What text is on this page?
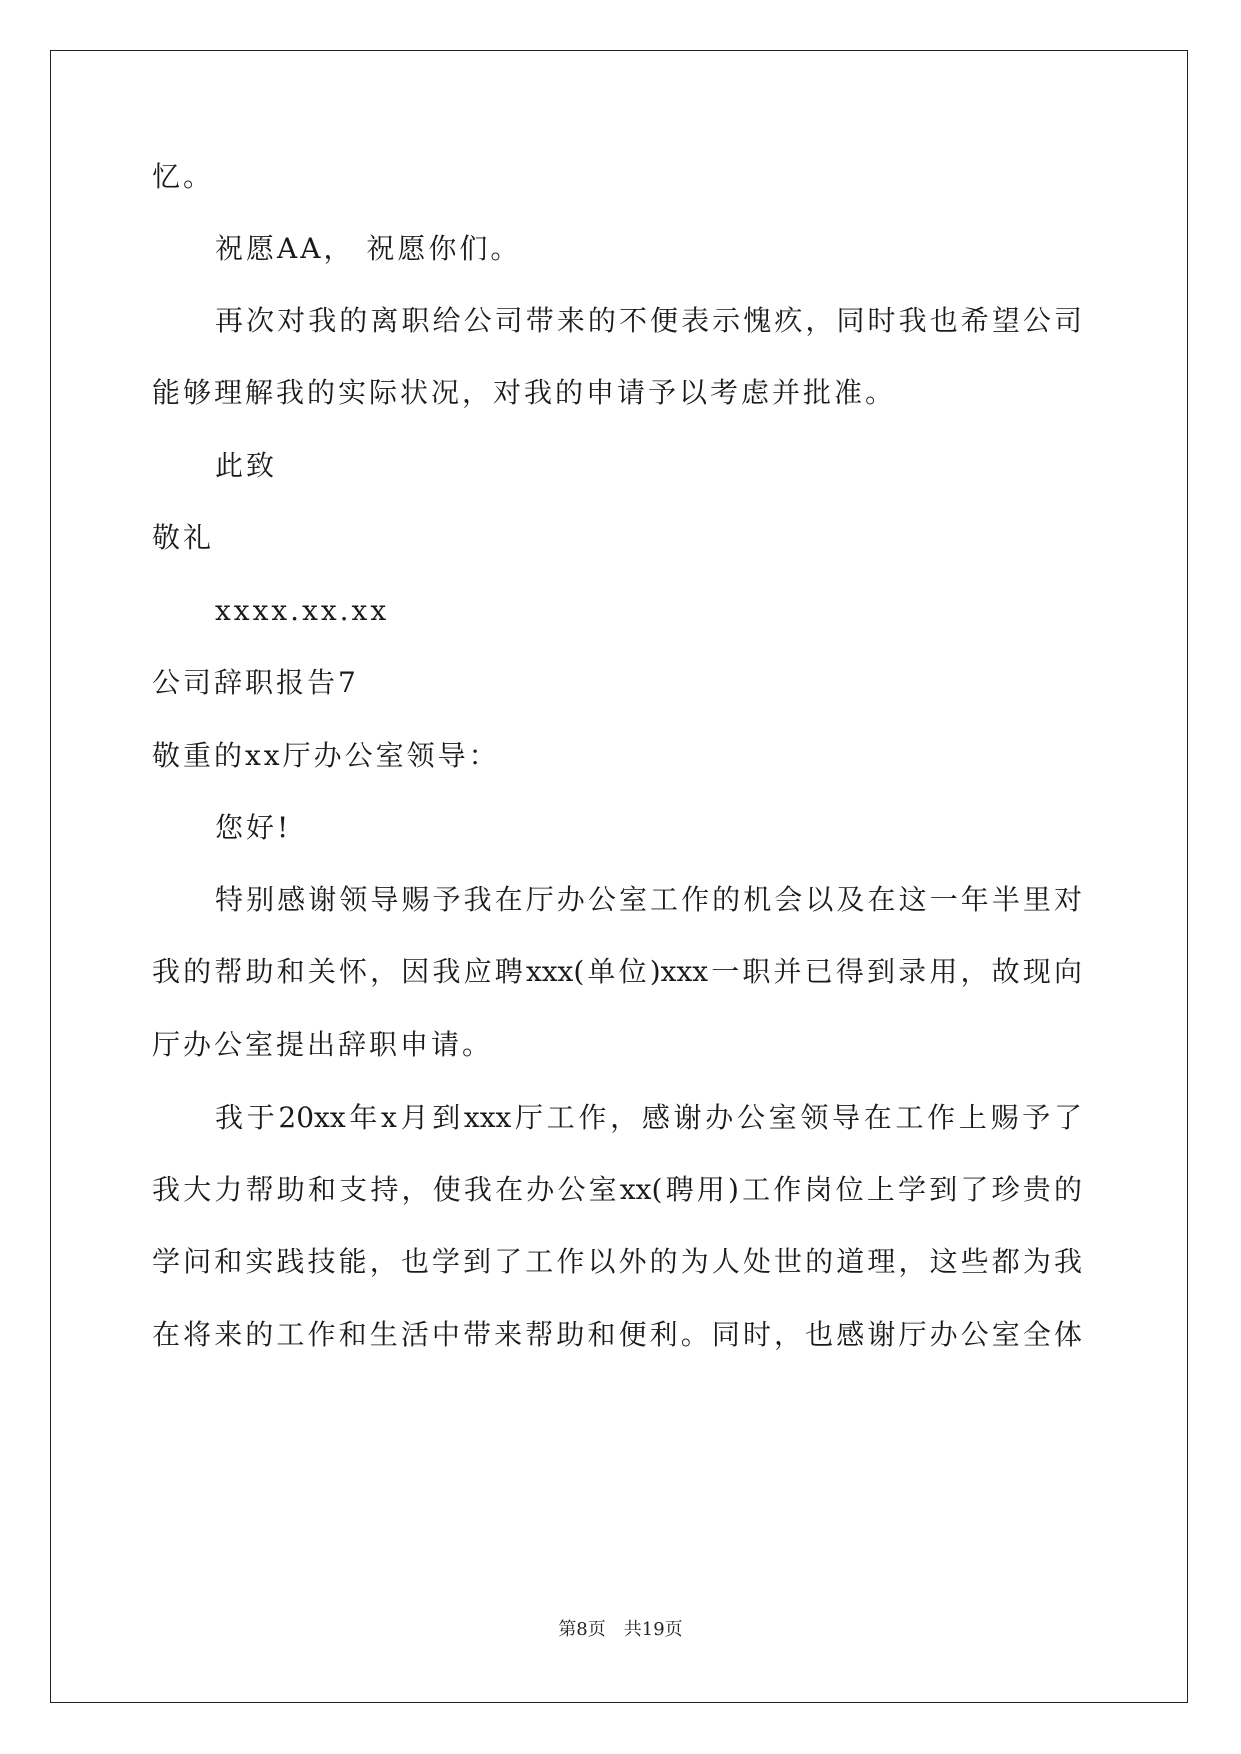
忆。
祝愿AA， 祝愿你们。
再次对我的离职给公司带来的不便表示愧疚，同时我也希望公司
能够理解我的实际状况，对我的申请予以考虑并批准。
此致
敬礼
xxxx.xx.xx
公司辞职报告7
敬重的xx厅办公室领导：
您好!
特别感谢领导赐予我在厅办公室工作的机会以及在这一年半里对
我的帮助和关怀，因我应聘xxx(单位)xxx一职并已得到录用，故现向
厅办公室提出辞职申请。
我于20xx年x月到xxx厅工作，感谢办公室领导在工作上赐予了
我大力帮助和支持，使我在办公室xx(聘用)工作岗位上学到了珍贵的
学问和实践技能，也学到了工作以外的为人处世的道理，这些都为我
在将来的工作和生活中带来帮助和便利。同时，也感谢厅办公室全体
第8页　共19页
